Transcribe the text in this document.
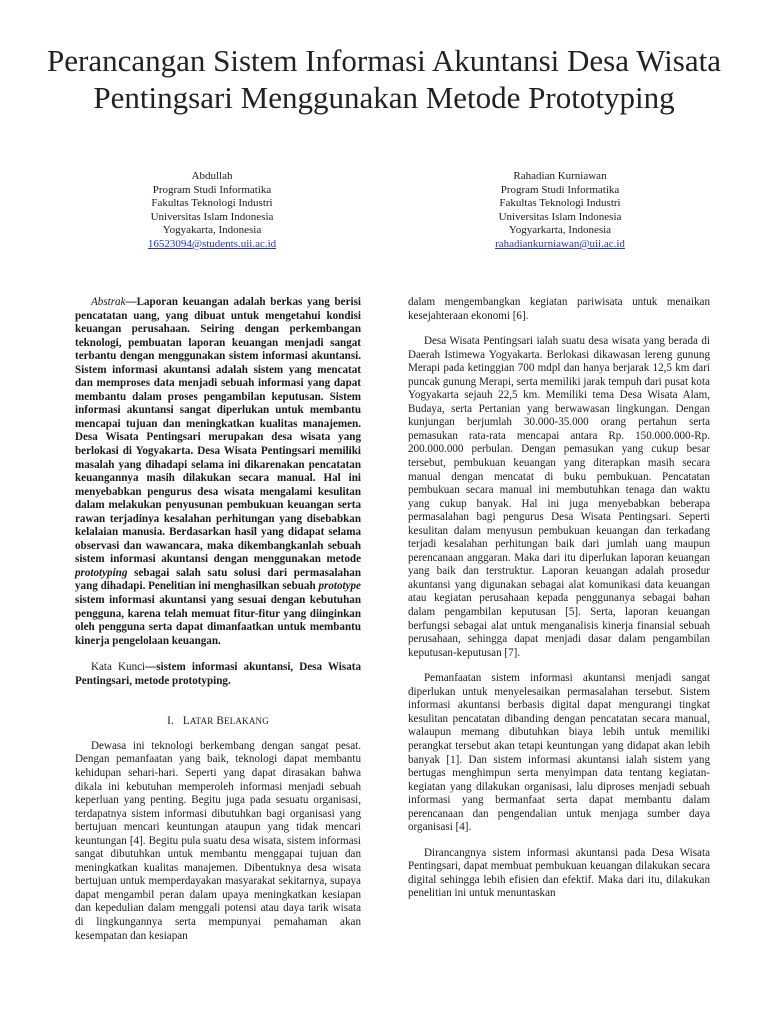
Perancangan Sistem Informasi Akuntansi Desa Wisata Pentingsari Menggunakan Metode Prototyping
Abdullah
Program Studi Informatika
Fakultas Teknologi Industri
Universitas Islam Indonesia
Yogyakarta, Indonesia
16523094@students.uii.ac.id
Rahadian Kurniawan
Program Studi Informatika
Fakultas Teknologi Industri
Universitas Islam Indonesia
Yogyarkarta, Indonesia
rahadiankurniawan@uii.ac.id

Abstrak—Laporan keuangan adalah berkas yang berisi pencatatan uang, yang dibuat untuk mengetahui kondisi keuangan perusahaan. Seiring dengan perkembangan teknologi, pembuatan laporan keuangan menjadi sangat terbantu dengan menggunakan sistem informasi akuntansi. Sistem informasi akuntansi adalah sistem yang mencatat dan memproses data menjadi sebuah informasi yang dapat membantu dalam proses pengambilan keputusan. Sistem informasi akuntansi sangat diperlukan untuk membantu mencapai tujuan dan meningkatkan kualitas manajemen. Desa Wisata Pentingsari merupakan desa wisata yang berlokasi di Yogyakarta. Desa Wisata Pentingsari memiliki masalah yang dihadapi selama ini dikarenakan pencatatan keuangannya masih dilakukan secara manual. Hal ini menyebabkan pengurus desa wisata mengalami kesulitan dalam melakukan penyusunan pembukuan keuangan serta rawan terjadinya kesalahan perhitungan yang disebabkan kelalaian manusia. Berdasarkan hasil yang didapat selama observasi dan wawancara, maka dikembangkanlah sebuah sistem informasi akuntansi dengan menggunakan metode prototyping sebagai salah satu solusi dari permasalahan yang dihadapi. Penelitian ini menghasilkan sebuah prototype sistem informasi akuntansi yang sesuai dengan kebutuhan pengguna, karena telah memuat fitur-fitur yang diinginkan oleh pengguna serta dapat dimanfaatkan untuk membantu kinerja pengelolaan keuangan.

Kata Kunci—sistem informasi akuntansi, Desa Wisata Pentingsari, metode prototyping.

I. LATAR BELAKANG

Dewasa ini teknologi berkembang dengan sangat pesat. Dengan pemanfaatan yang baik, teknologi dapat membantu kehidupan sehari-hari. Seperti yang dapat dirasakan bahwa dikala ini kebutuhan memperoleh informasi menjadi sebuah keperluan yang penting. Begitu juga pada sesuatu organisasi, terdapatnya sistem informasi dibutuhkan bagi organisasi yang bertujuan mencari keuntungan ataupun yang tidak mencari keuntungan [4]. Begitu pula suatu desa wisata, sistem informasi sangat dibutuhkan untuk membantu menggapai tujuan dan meningkatkan kualitas manajemen. Dibentuknya desa wisata bertujuan untuk memperdayakan masyarakat sekitarnya, supaya dapat mengambil peran dalam upaya meningkatkan kesiapan dan kepedulian dalam menggali potensi atau daya tarik wisata di lingkungannya serta mempunyai pemahaman akan kesempatan dan kesiapan

dalam mengembangkan kegiatan pariwisata untuk menaikan kesejahteraan ekonomi [6].

Desa Wisata Pentingsari ialah suatu desa wisata yang berada di Daerah Istimewa Yogyakarta. Berlokasi dikawasan lereng gunung Merapi pada ketinggian 700 mdpl dan hanya berjarak 12,5 km dari puncak gunung Merapi, serta memiliki jarak tempuh dari pusat kota Yogyakarta sejauh 22,5 km. Memiliki tema Desa Wisata Alam, Budaya, serta Pertanian yang berwawasan lingkungan. Dengan kunjungan berjumlah 30.000-35.000 orang pertahun serta pemasukan rata-rata mencapai antara Rp. 150.000.000-Rp. 200.000.000 perbulan. Dengan pemasukan yang cukup besar tersebut, pembukuan keuangan yang diterapkan masih secara manual dengan mencatat di buku pembukuan. Pencatatan pembukuan secara manual ini membutuhkan tenaga dan waktu yang cukup banyak. Hal ini juga menyebabkan beberapa permasalahan bagi pengurus Desa Wisata Pentingsari. Seperti kesulitan dalam menyusun pembukuan keuangan dan terkadang terjadi kesalahan perhitungan baik dari jumlah uang maupun perencanaan anggaran. Maka dari itu diperlukan laporan keuangan yang baik dan terstruktur. Laporan keuangan adalah prosedur akuntansi yang digunakan sebagai alat komunikasi data keuangan atau kegiatan perusahaan kepada penggunanya sebagai bahan dalam pengambilan keputusan [5]. Serta, laporan keuangan berfungsi sebagai alat untuk menganalisis kinerja finansial sebuah perusahaan, sehingga dapat menjadi dasar dalam pengambilan keputusan-keputusan [7].

Pemanfaatan sistem informasi akuntansi menjadi sangat diperlukan untuk menyelesaikan permasalahan tersebut. Sistem informasi akuntansi berbasis digital dapat mengurangi tingkat kesulitan pencatatan dibanding dengan pencatatan secara manual, walaupun memang dibutuhkan biaya lebih untuk memiliki perangkat tersebut akan tetapi keuntungan yang didapat akan lebih banyak [1]. Dan sistem informasi akuntansi ialah sistem yang bertugas menghimpun serta menyimpan data tentang kegiatan-kegiatan yang dilakukan organisasi, lalu diproses menjadi sebuah informasi yang bermanfaat serta dapat membantu dalam perencanaan dan pengendalian untuk menjaga sumber daya organisasi [4].

Dirancangnya sistem informasi akuntansi pada Desa Wisata Pentingsari, dapat membuat pembukuan keuangan dilakukan secara digital sehingga lebih efisien dan efektif. Maka dari itu, dilakukan penelitian ini untuk menuntaskan
